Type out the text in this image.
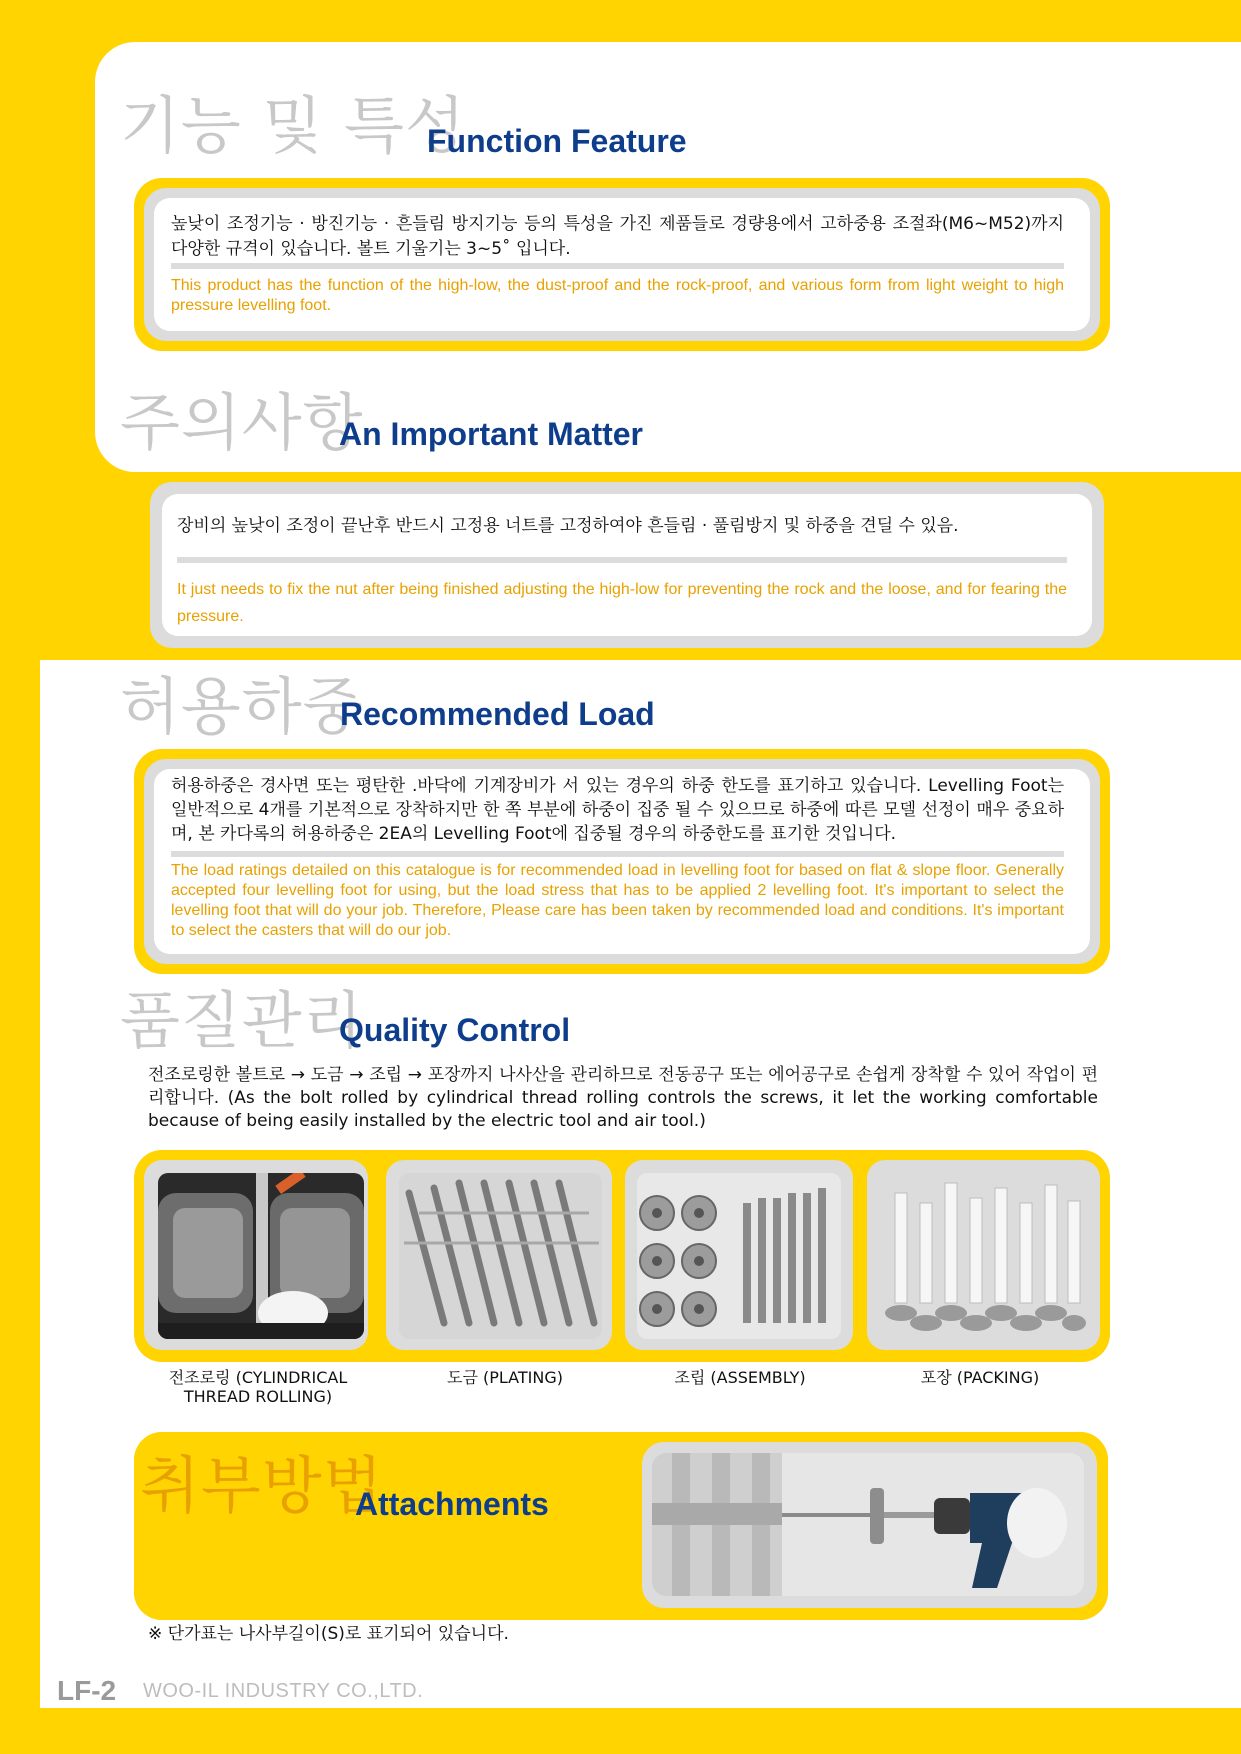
기능 및 특성
Function Feature
높낮이 조정기능 · 방진기능 · 흔들림 방지기능 등의 특성을 가진 제품들로 경량용에서 고하중용 조절좌(M6~M52)까지 다양한 규격이 있습니다. 볼트 기울기는 3~5˚ 입니다.
This product has the function of the high-low, the dust-proof and the rock-proof, and various form from light weight to high pressure levelling foot.
주의사항
An Important Matter
장비의 높낮이 조정이 끝난후 반드시 고정용 너트를 고정하여야 흔들림 · 풀림방지 및 하중을 견딜 수 있음.
It just needs to fix the nut after being finished adjusting the high-low for preventing the rock and the loose, and for fearing the pressure.
허용하중
Recommended Load
허용하중은 경사면 또는 평탄한 .바닥에 기계장비가 서 있는 경우의 하중 한도를 표기하고 있습니다. Levelling Foot는 일반적으로 4개를 기본적으로 장착하지만 한 쪽 부분에 하중이 집중 될 수 있으므로 하중에 따른 모델 선정이 매우 중요하며, 본 카다록의 허용하중은 2EA의 Levelling Foot에 집중될 경우의 하중한도를 표기한 것입니다.
The load ratings detailed on this catalogue is for recommended load in levelling foot for based on flat & slope floor. Generally accepted four levelling foot for using, but the load stress that has to be applied 2 levelling foot. It's important to select the levelling foot that will do your job. Therefore, Please care has been taken by recommended load and conditions. It's important to select the casters that will do our job.
품질관리
Quality Control
전조로링한 볼트로 → 도금 → 조립 → 포장까지 나사산을 관리하므로 전동공구 또는 에어공구로 손쉽게 장착할 수 있어 작업이 편리합니다. (As the bolt rolled by cylindrical thread rolling controls the screws, it let the working comfortable because of being easily installed by the electric tool and air tool.)
전조로링 (CYLINDRICAL THREAD ROLLING)
도금 (PLATING)	조립 (ASSEMBLY)	포장 (PACKING)
취부방법
Attachments
※ 단가표는 나사부길이(S)로 표기되어 있습니다.
LF-2 WOO-IL INDUSTRY CO.,LTD.
